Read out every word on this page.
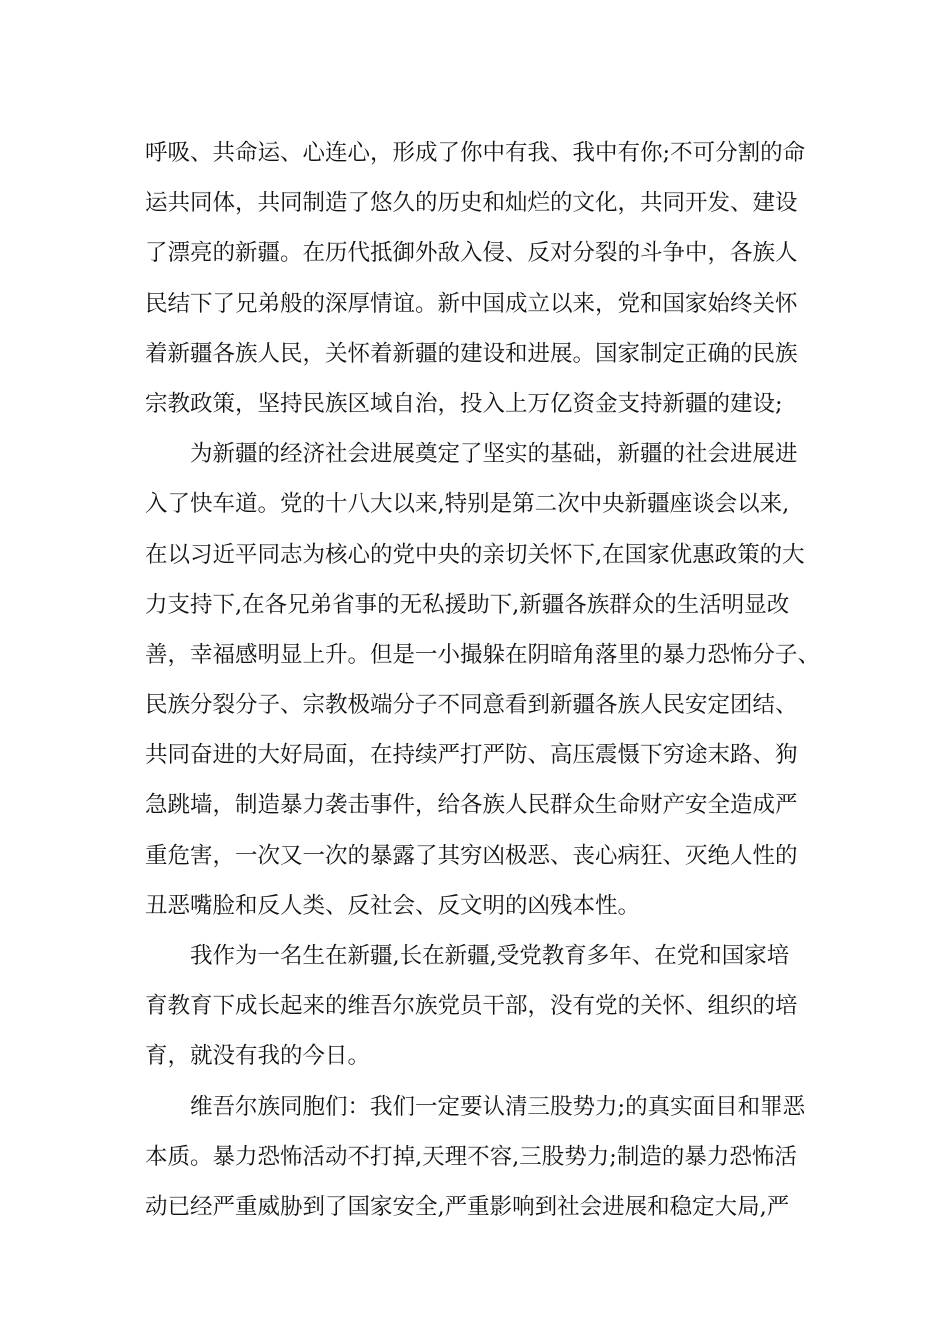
呼吸、共命运、心连心，形成了你中有我、我中有你;不可分割的命
运共同体，共同制造了悠久的历史和灿烂的文化，共同开发、建设
了漂亮的新疆。在历代抵御外敌入侵、反对分裂的斗争中，各族人
民结下了兄弟般的深厚情谊。新中国成立以来，党和国家始终关怀
着新疆各族人民，关怀着新疆的建设和进展。国家制定正确的民族
宗教政策，坚持民族区域自治，投入上万亿资金支持新疆的建设;
为新疆的经济社会进展奠定了坚实的基础，新疆的社会进展进
入了快车道。党的十八大以来,特别是第二次中央新疆座谈会以来,
在以习近平同志为核心的党中央的亲切关怀下,在国家优惠政策的大
力支持下,在各兄弟省事的无私援助下,新疆各族群众的生活明显改
善，幸福感明显上升。但是一小撮躲在阴暗角落里的暴力恐怖分子、
民族分裂分子、宗教极端分子不同意看到新疆各族人民安定团结、
共同奋进的大好局面，在持续严打严防、高压震慑下穷途末路、狗
急跳墙，制造暴力袭击事件，给各族人民群众生命财产安全造成严
重危害，一次又一次的暴露了其穷凶极恶、丧心病狂、灭绝人性的
丑恶嘴脸和反人类、反社会、反文明的凶残本性。
我作为一名生在新疆,长在新疆,受党教育多年、在党和国家培
育教育下成长起来的维吾尔族党员干部，没有党的关怀、组织的培
育，就没有我的今日。
维吾尔族同胞们：我们一定要认清三股势力;的真实面目和罪恶
本质。暴力恐怖活动不打掉,天理不容,三股势力;制造的暴力恐怖活
动已经严重威胁到了国家安全,严重影响到社会进展和稳定大局,严
